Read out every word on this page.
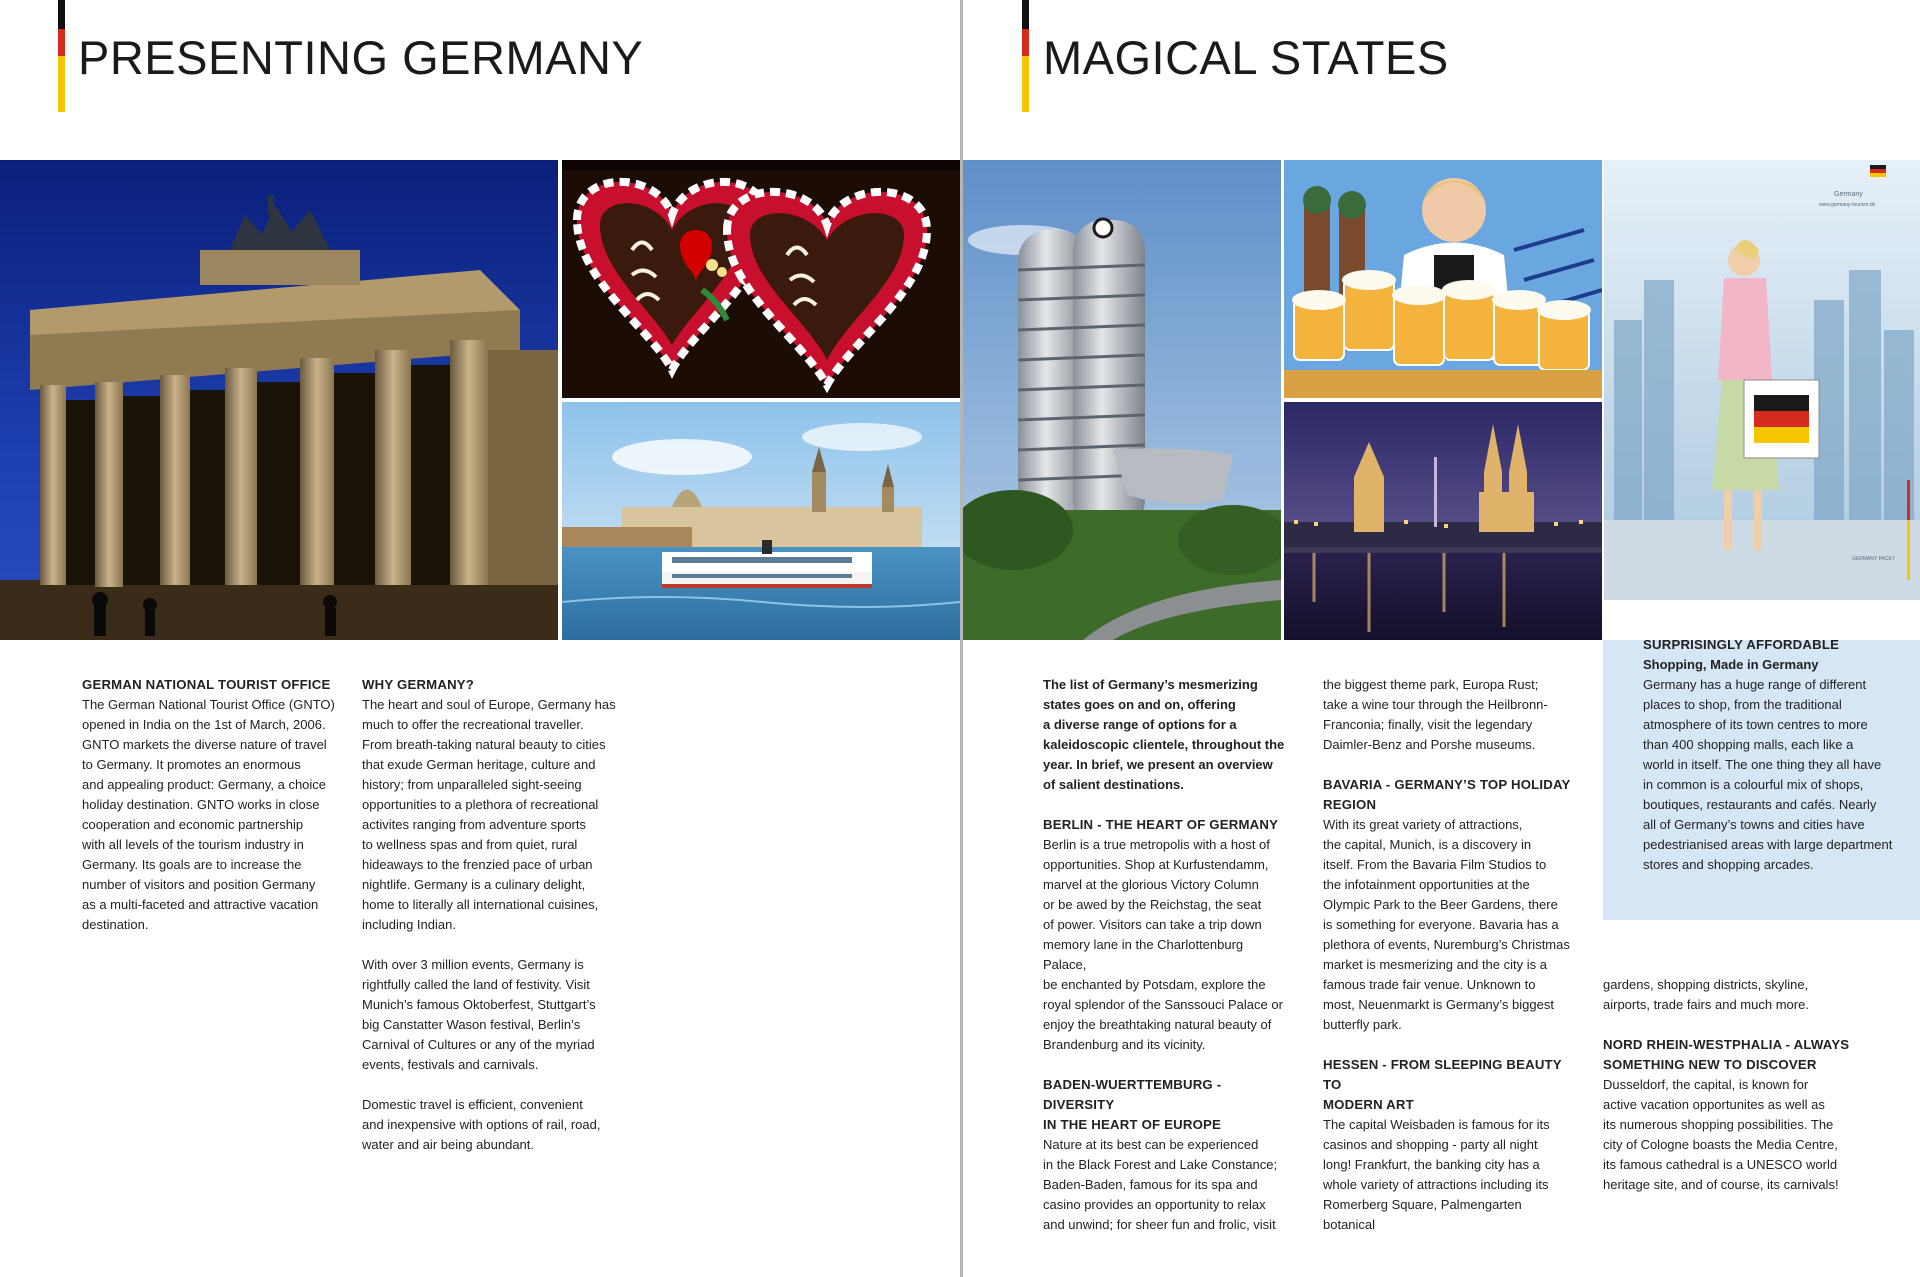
PRESENTING GERMANY
GERMAN NATIONAL TOURIST OFFICE

The German National Tourist Office (GNTO)

opened in India on the 1st of March, 2006.

GNTO markets the diverse nature of travel

to Germany. It promotes an enormous

and appealing product: Germany, a choice

holiday destination. GNTO works in close

cooperation and economic partnership

with all levels of the tourism industry in

Germany. Its goals are to increase the

number of visitors and position Germany

as a multi-faceted and attractive vacation

destination.

WHY GERMANY?

The heart and soul of Europe, Germany has

much to offer the recreational traveller.

From breath-taking natural beauty to cities

that exude German heritage, culture and

history; from unparalleled sight-seeing

opportunities to a plethora of recreational

activites ranging from adventure sports

to wellness spas and from quiet, rural

hideaways to the frenzied pace of urban

nightlife. Germany is a culinary delight,

home to literally all international cuisines,

including Indian.

With over 3 million events, Germany is

rightfully called the land of festivity. Visit

Munich’s famous Oktoberfest, Stuttgart’s

big Canstatter Wason festival, Berlin’s

Carnival of Cultures or any of the myriad

events, festivals and carnivals.

Domestic travel is efficient, convenient

and inexpensive with options of rail, road,

water and air being abundant.

MAGICAL STATES
Germany
www.germany-tourism.de
GERMANY PACEY

The list of Germany’s mesmerizing

states goes on and on, offering

a diverse range of options for a

kaleidoscopic clientele, throughout the

year. In brief, we present an overview

of salient destinations.

BERLIN - THE HEART OF GERMANY

Berlin is a true metropolis with a host of

opportunities. Shop at Kurfustendamm,

marvel at the glorious Victory Column

or be awed by the Reichstag, the seat

of power. Visitors can take a trip down

memory lane in the Charlottenburg Palace,

be enchanted by Potsdam, explore the

royal splendor of the Sanssouci Palace or

enjoy the breathtaking natural beauty of

Brandenburg and its vicinity.

BADEN-WUERTTEMBURG - DIVERSITY
IN THE HEART OF EUROPE

Nature at its best can be experienced

in the Black Forest and Lake Constance;

Baden-Baden, famous for its spa and

casino provides an opportunity to relax

and unwind; for sheer fun and frolic, visit

the biggest theme park, Europa Rust;

take a wine tour through the Heilbronn-

Franconia; finally, visit the legendary

Daimler-Benz and Porshe museums.

BAVARIA - GERMANY’S TOP HOLIDAY
REGION

With its great variety of attractions,

the capital, Munich, is a discovery in

itself. From the Bavaria Film Studios to

the infotainment opportunities at the

Olympic Park to the Beer Gardens, there

is something for everyone. Bavaria has a

plethora of events, Nuremburg’s Christmas

market is mesmerizing and the city is a

famous trade fair venue. Unknown to

most, Neuenmarkt is Germany’s biggest

butterfly park.

HESSEN - FROM SLEEPING BEAUTY TO
MODERN ART

The capital Weisbaden is famous for its

casinos and shopping - party all night

long! Frankfurt, the banking city has a

whole variety of attractions including its

Romerberg Square, Palmengarten botanical

SURPRISINGLY AFFORDABLE

Shopping, Made in Germany

Germany has a huge range of different

places to shop, from the traditional

atmosphere of its town centres to more

than 400 shopping malls, each like a

world in itself. The one thing they all have

in common is a colourful mix of shops,

boutiques, restaurants and cafés. Nearly

all of Germany’s towns and cities have

pedestrianised areas with large department

stores and shopping arcades.

gardens, shopping districts, skyline,

airports, trade fairs and much more.

NORD RHEIN-WESTPHALIA - ALWAYS
SOMETHING NEW TO DISCOVER

Dusseldorf, the capital, is known for

active vacation opportunites as well as

its numerous shopping possibilities. The

city of Cologne boasts the Media Centre,

its famous cathedral is a UNESCO world

heritage site, and of course, its carnivals!
